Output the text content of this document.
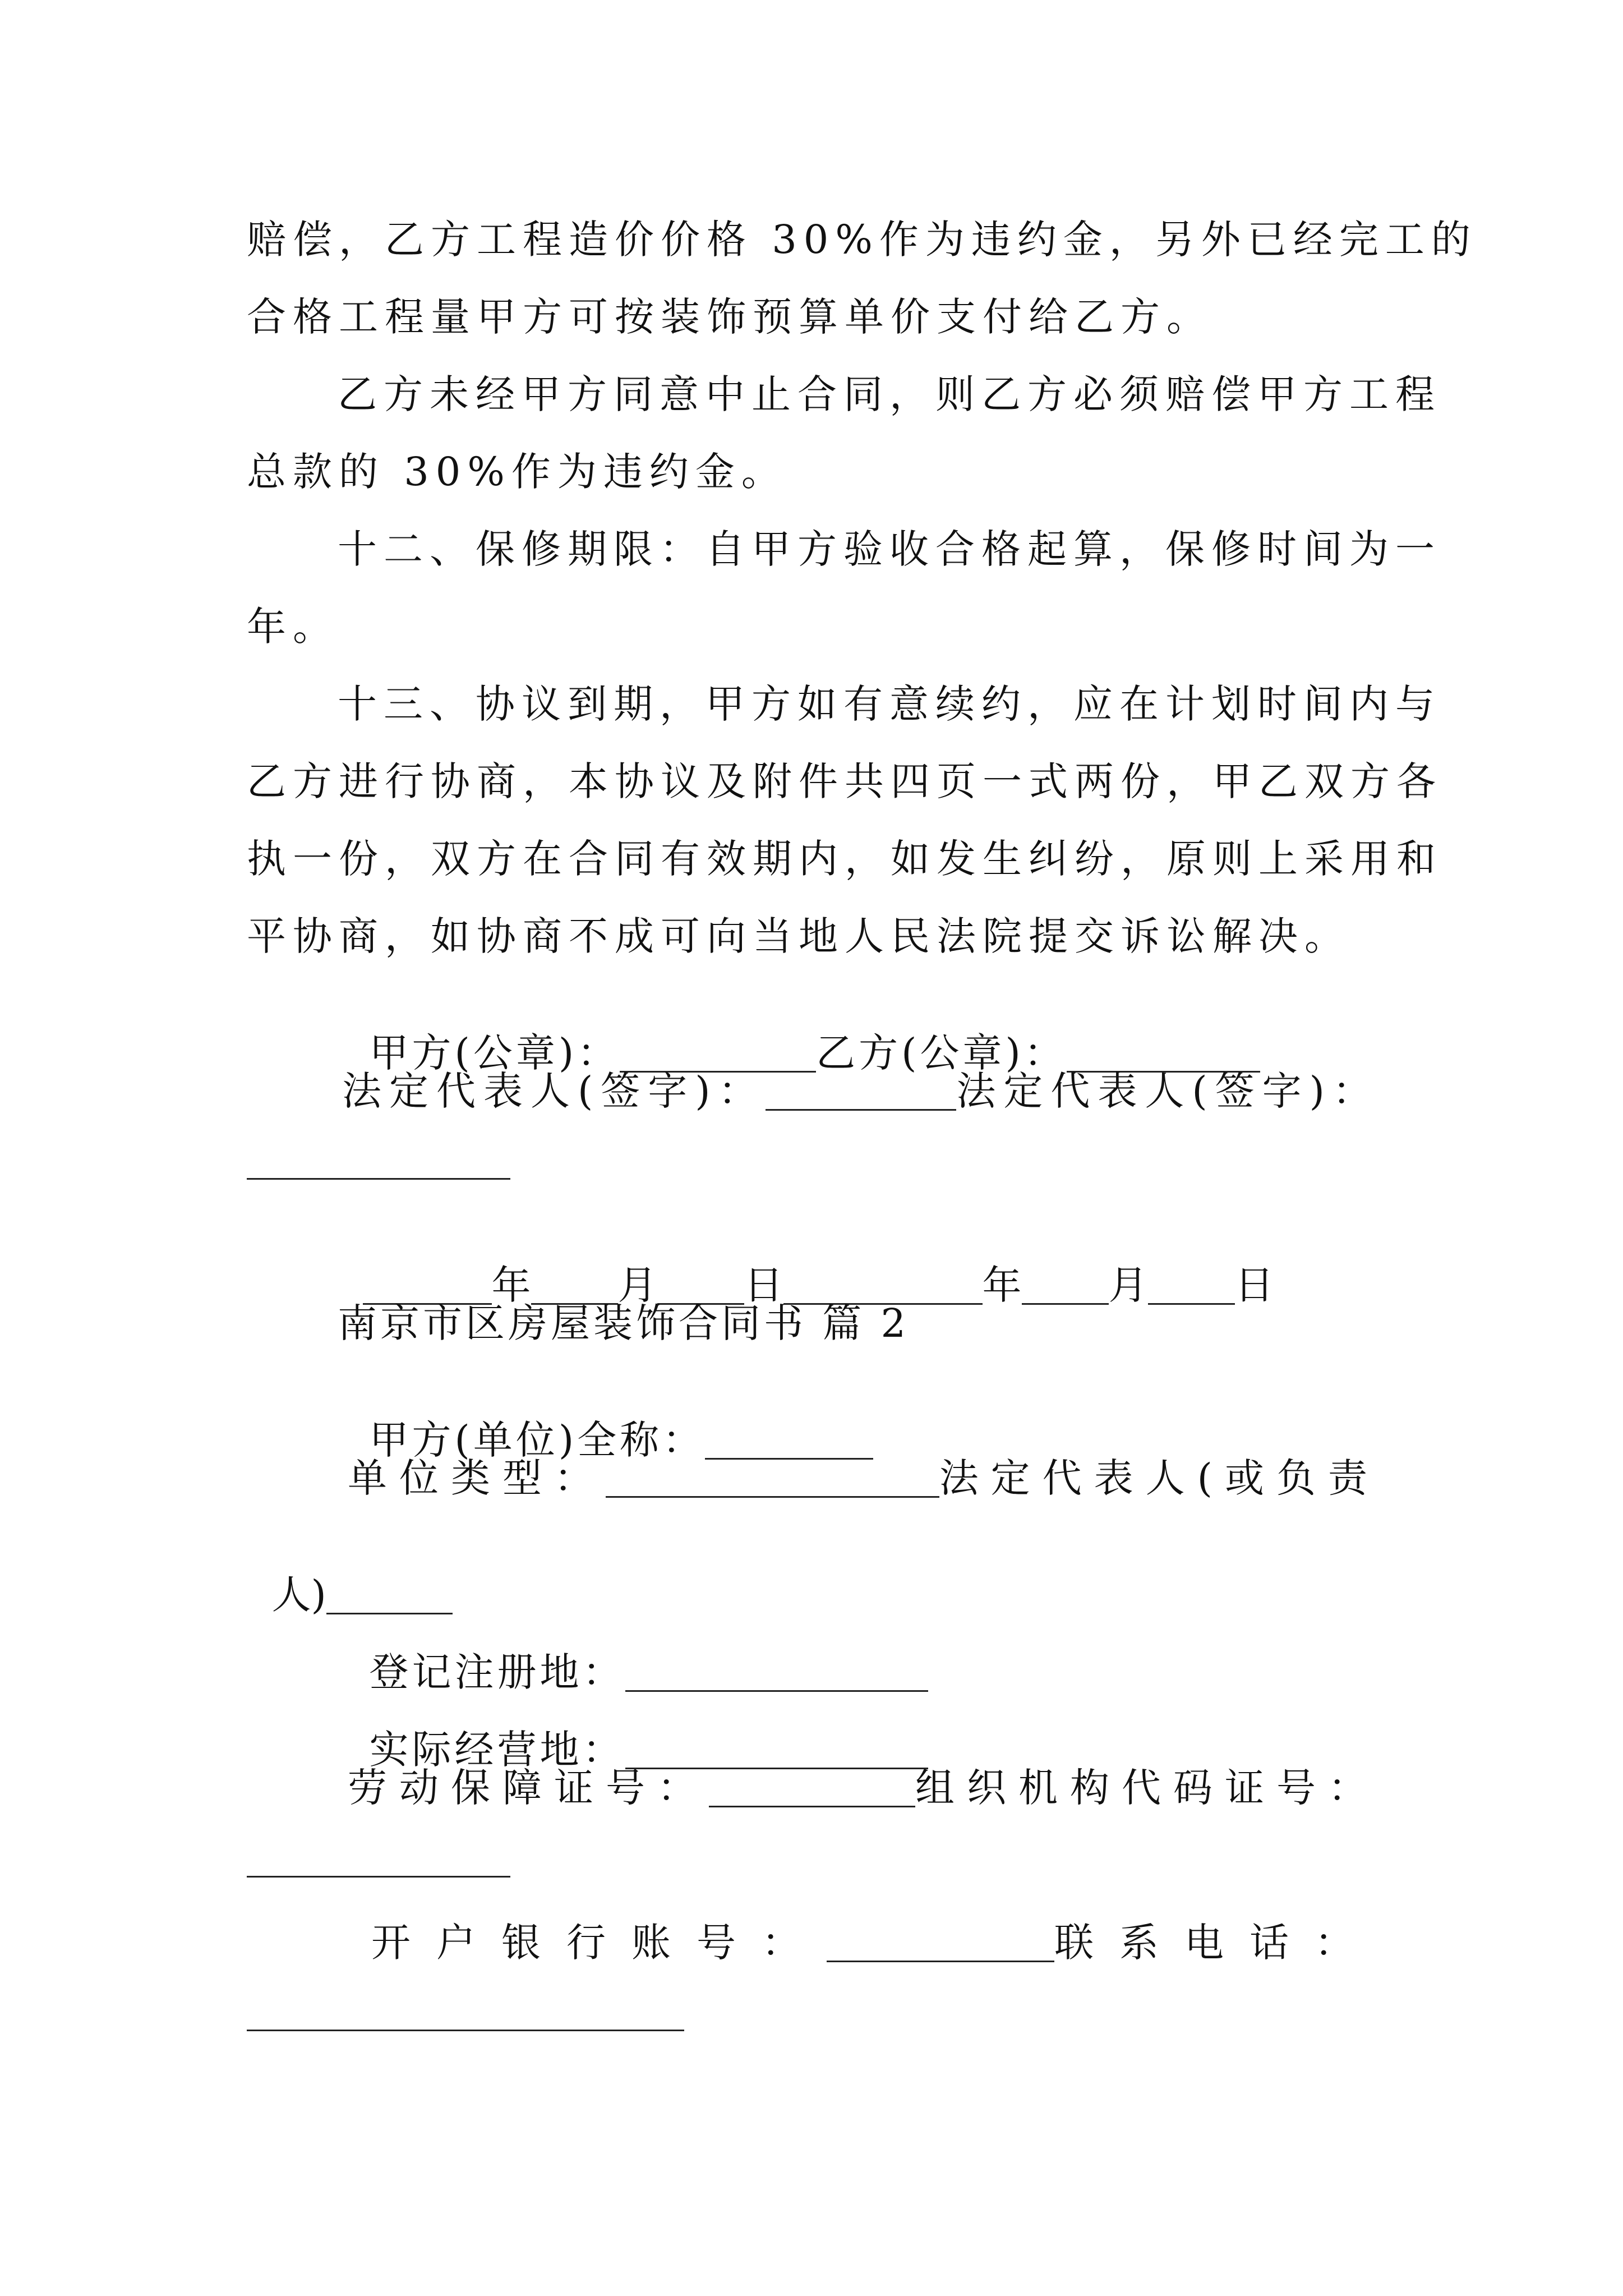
赔偿，乙方工程造价价格 30%作为违约金，另外已经完工的
合格工程量甲方可按装饰预算单价支付给乙方。
乙方未经甲方同意中止合同，则乙方必须赔偿甲方工程
总款的 30%作为违约金。
十二、保修期限：自甲方验收合格起算，保修时间为一
年。
十三、协议到期，甲方如有意续约，应在计划时间内与
乙方进行协商，本协议及附件共四页一式两份，甲乙双方各
执一份，双方在合同有效期内，如发生纠纷，原则上采用和
平协商，如协商不成可向当地人民法院提交诉讼解决。

甲方(公章)：	乙方(公章)：

法定代表人(签字)：	法定代表人(签字)：

年 月 日	年 月 日

南京市区房屋装饰合同书 篇 2

甲方(单位)全称：

单位类型：	法定代表人(或负责

人)

登记注册地：

实际经营地：

劳动保障证号：	组织机构代码证号：
开户银行账号：	联系电话：
